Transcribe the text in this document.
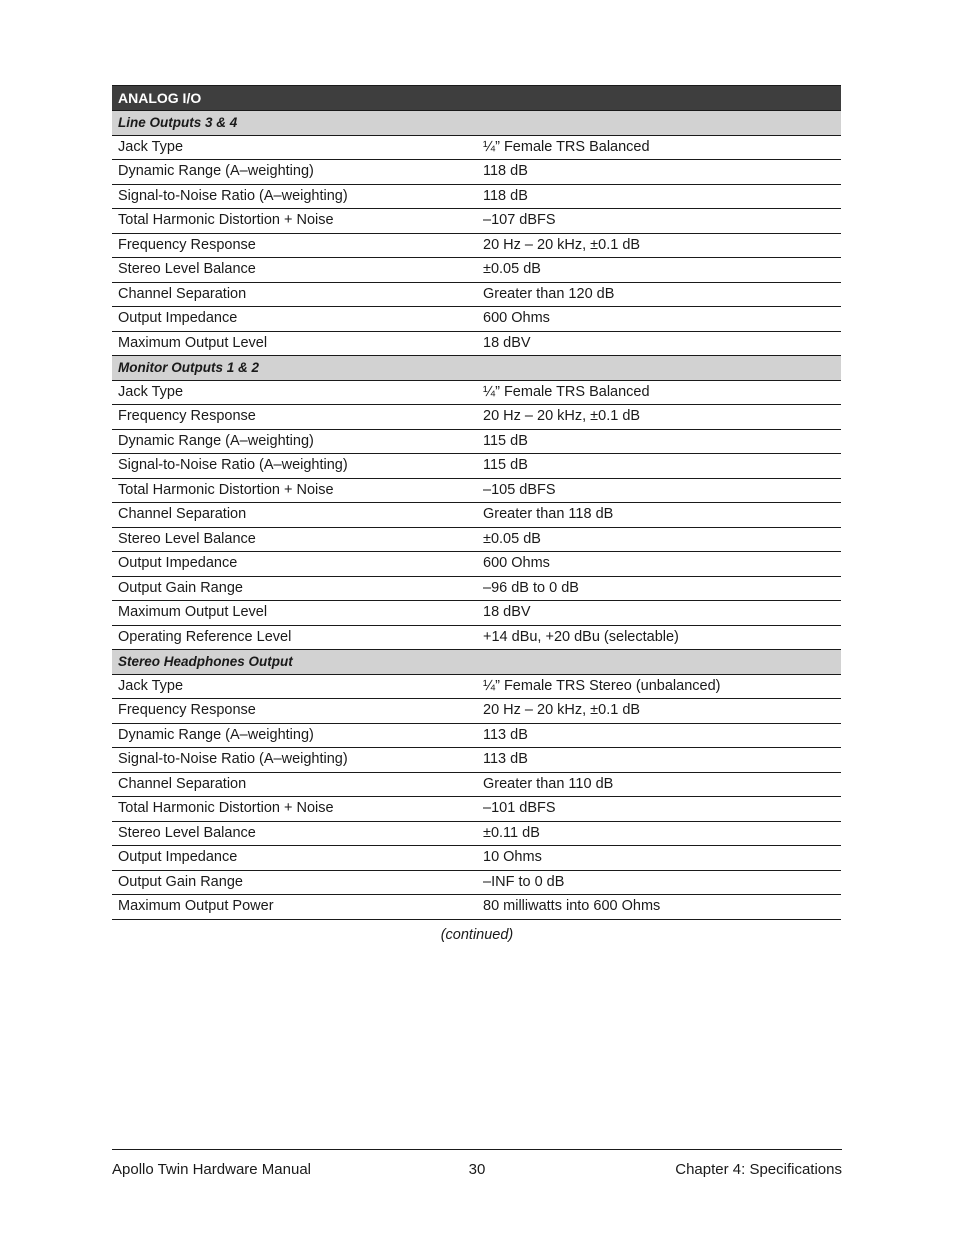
ANALOG I/O	
Line Outputs 3 & 4	
Jack Type	¼” Female TRS Balanced
Dynamic Range (A–weighting)	118 dB
Signal-to-Noise Ratio (A–weighting)	118 dB
Total Harmonic Distortion + Noise	–107 dBFS
Frequency Response	20 Hz – 20 kHz, ±0.1 dB
Stereo Level Balance	±0.05 dB
Channel Separation	Greater than 120 dB
Output Impedance	600 Ohms
Maximum Output Level	18 dBV
Monitor Outputs 1 & 2	
Jack Type	¼” Female TRS Balanced
Frequency Response	20 Hz – 20 kHz, ±0.1 dB
Dynamic Range (A–weighting)	115 dB
Signal-to-Noise Ratio (A–weighting)	115 dB
Total Harmonic Distortion + Noise	–105 dBFS
Channel Separation	Greater than 118 dB
Stereo Level Balance	±0.05 dB
Output Impedance	600 Ohms
Output Gain Range	–96 dB to 0 dB
Maximum Output Level	18 dBV
Operating Reference Level	+14 dBu, +20 dBu (selectable)
Stereo Headphones Output	
Jack Type	¼” Female TRS Stereo (unbalanced)
Frequency Response	20 Hz – 20 kHz, ±0.1 dB
Dynamic Range (A–weighting)	113 dB
Signal-to-Noise Ratio (A–weighting)	113 dB
Channel Separation	Greater than 110 dB
Total Harmonic Distortion + Noise	–101 dBFS
Stereo Level Balance	±0.11 dB
Output Impedance	10 Ohms
Output Gain Range	–INF to 0 dB
Maximum Output Power	80 milliwatts into 600 Ohms
(continued)
Apollo Twin Hardware Manual	30	Chapter 4: Specifications
